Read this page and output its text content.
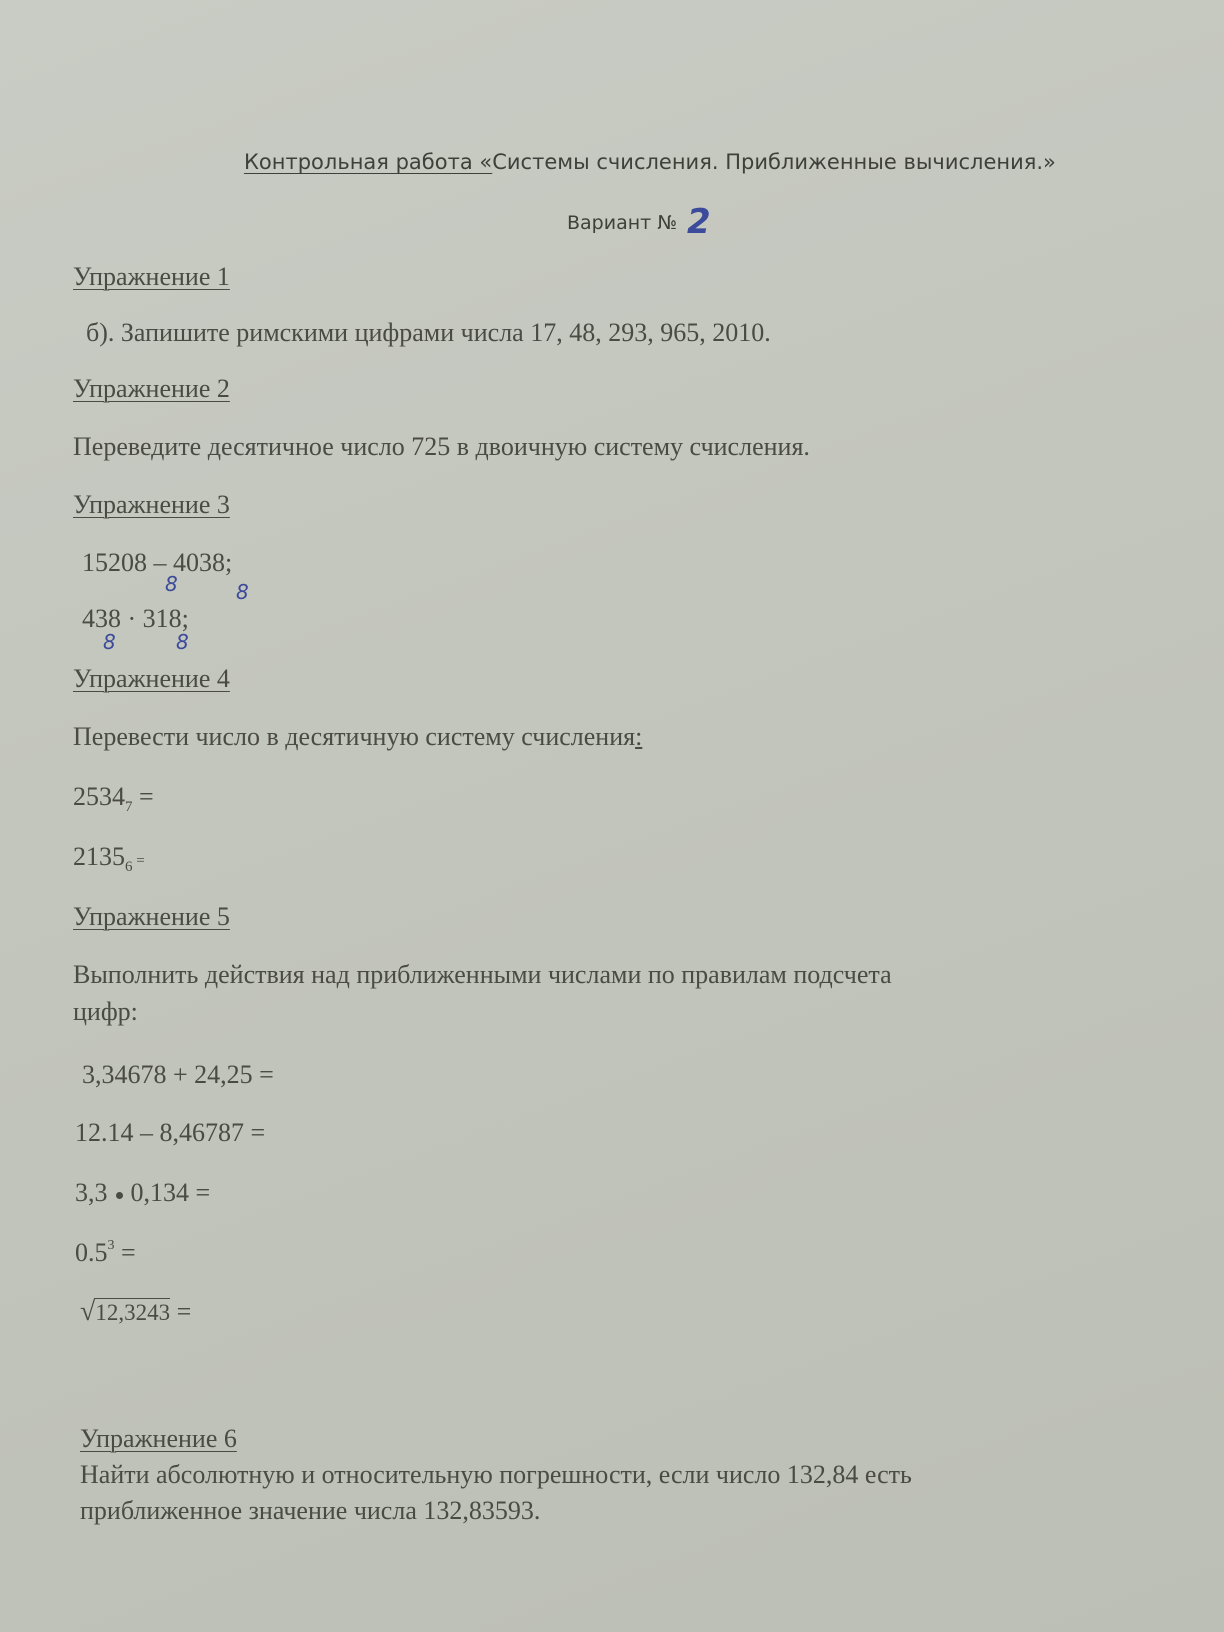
Контрольная работа «Системы счисления. Приближенные вычисления.»
Вариант № 2
Упражнение 1
б). Запишите римскими цифрами числа 17, 48, 293, 965, 2010.
Упражнение 2
Переведите десятичное число 725 в двоичную систему счисления.
Упражнение 3
15208 – 4038;
8	8
438 · 318;
8	8
Упражнение 4
Перевести число в десятичную систему счисления:
$2534_7$ =
$2135_6$ =
Упражнение 5
Выполнить действия над приближенными числами по правилам подсчета
цифр:
3,34678 + 24,25 =
12.14 – 8,46787 =
3,3 0,134 =
$0.5^3$ =
√12,3243 =
Упражнение 6
Найти абсолютную и относительную погрешности, если число 132,84 есть
приближенное значение числа 132,83593.
